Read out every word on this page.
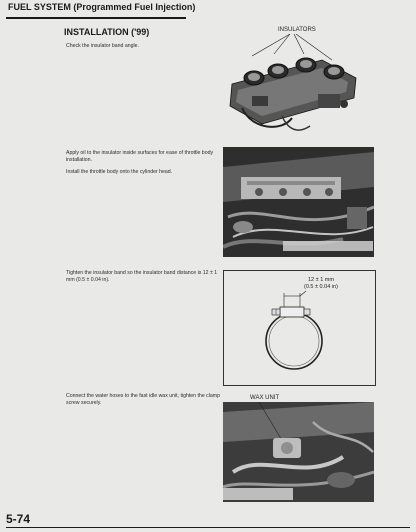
FUEL SYSTEM (Programmed Fuel Injection)
INSTALLATION ('99)

Check the insulator band angle.

Apply oil to the insulator inside surfaces for ease of throttle body installation.

Install the throttle body onto the cylinder head.

Tighten the insulator band so the insulator band distance is 12 ± 1 mm (0.5 ± 0.04 in).

Connect the water hoses to the fast idle wax unit, tighten the clamp screw securely.

INSULATORS
12 ± 1 mm
(0.5 ± 0.04 in)
WAX UNIT
5-74
